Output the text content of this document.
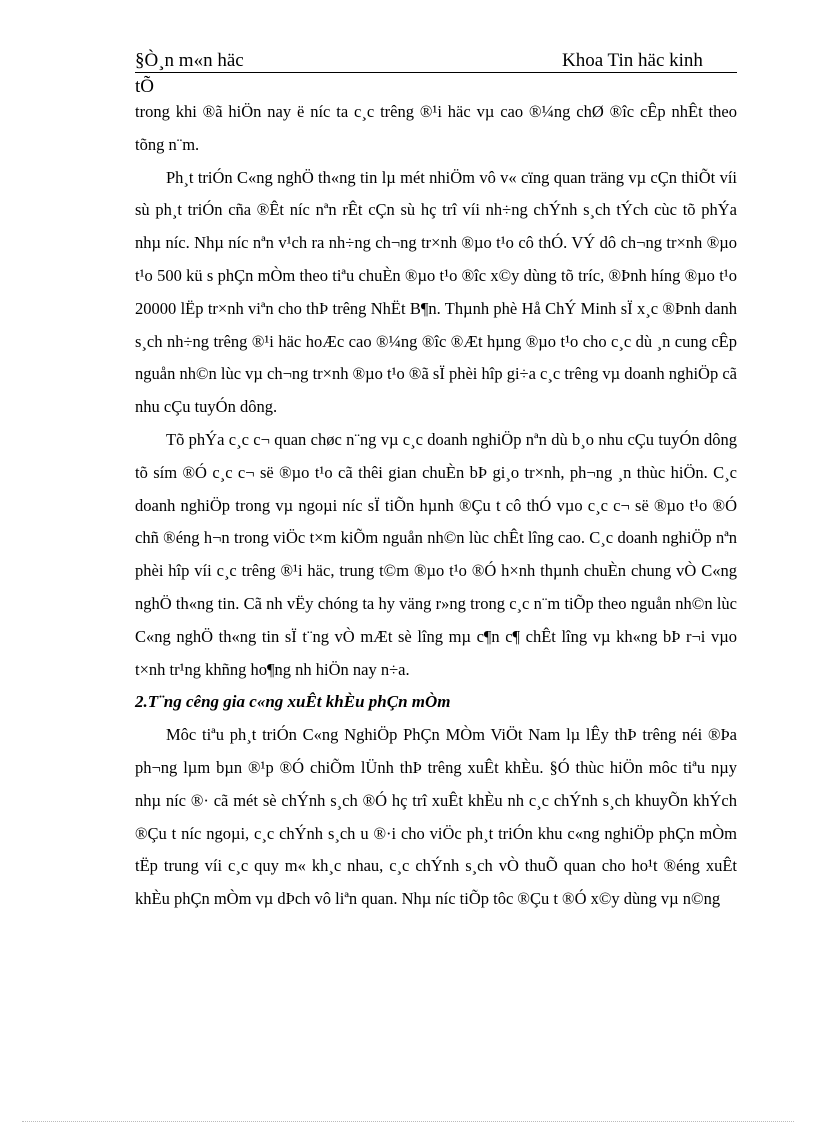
§Ò¸n m«n häc	Khoa Tin häc kinh
tÕ

trong khi ®ã hiÖn nay ë níc ta c¸c trêng ®¹i häc vµ cao ®¼ng chØ ®îc cÊp nhÊt theo tõng n¨m.

Ph¸t triÓn C«ng nghÖ th«ng tin lµ mét nhiÖm vô v« cïng quan träng vµ cÇn thiÕt víi sù ph¸t triÓn cña ®Êt níc nªn rÊt cÇn sù hç trî víi nh÷ng chÝnh s¸ch tÝch cùc tõ phÝa nhµ níc. Nhµ níc nªn v¹ch ra nh÷ng ch¬ng tr×nh ®µo t¹o cô thÓ. VÝ dô ch¬ng tr×nh ®µo t¹o 500 kü s phÇn mÒm theo tiªu chuÈn ®µo t¹o ®îc x©y dùng tõ tríc, ®Þnh híng ®µo t¹o 20000 lËp tr×nh viªn cho thÞ trêng NhËt B¶n. Thµnh phè Hå ChÝ Minh sÏ x¸c ®Þnh danh s¸ch nh÷ng trêng ®¹i häc hoÆc cao ®¼ng ®îc ®Æt hµng ®µo t¹o cho c¸c dù ¸n cung cÊp nguån nh©n lùc vµ ch¬ng tr×nh ®µo t¹o ®ã sÏ phèi hîp gi÷a c¸c trêng vµ doanh nghiÖp cã nhu cÇu tuyÓn dông.

Tõ phÝa c¸c c¬ quan chøc n¨ng vµ c¸c doanh nghiÖp nªn dù b¸o nhu cÇu tuyÓn dông tõ sím ®Ó c¸c c¬ së ®µo t¹o cã thêi gian chuÈn bÞ gi¸o tr×nh, ph¬ng ¸n thùc hiÖn. C¸c doanh nghiÖp trong vµ ngoµi níc sÏ tiÕn hµnh ®Çu t cô thÓ vµo c¸c c¬ së ®µo t¹o ®Ó chñ ®éng h¬n trong viÖc t×m kiÕm nguån nh©n lùc chÊt lîng cao. C¸c doanh nghiÖp nªn phèi hîp víi c¸c trêng ®¹i häc, trung t©m ®µo t¹o ®Ó h×nh thµnh chuÈn chung vÒ C«ng nghÖ th«ng tin. Cã nh vËy chóng ta hy väng r»ng trong c¸c n¨m tiÕp theo nguån nh©n lùc C«ng nghÖ th«ng tin sÏ t¨ng vÒ mÆt sè lîng mµ c¶n c¶ chÊt lîng vµ kh«ng bÞ r¬i vµo t×nh tr¹ng khñng ho¶ng nh hiÖn nay n÷a.

2.T¨ng cêng gia c«ng xuÊt khÈu phÇn mÒm

Môc tiªu ph¸t triÓn C«ng NghiÖp PhÇn MÒm ViÖt Nam lµ lÊy thÞ trêng néi ®Þa ph¬ng lµm bµn ®¹p ®Ó chiÕm lÜnh thÞ trêng xuÊt khÈu. §Ó thùc hiÖn môc tiªu nµy nhµ níc ®· cã mét sè chÝnh s¸ch ®Ó hç trî xuÊt khÈu nh c¸c chÝnh s¸ch khuyÕn khÝch ®Çu t níc ngoµi, c¸c chÝnh s¸ch u ®·i cho viÖc ph¸t triÓn khu c«ng nghiÖp phÇn mÒm tËp trung víi c¸c quy m« kh¸c nhau, c¸c chÝnh s¸ch vÒ thuÕ quan cho ho¹t ®éng xuÊt khÈu phÇn mÒm vµ dÞch vô liªn quan. Nhµ níc tiÕp tôc ®Çu t ®Ó x©y dùng vµ n©ng
